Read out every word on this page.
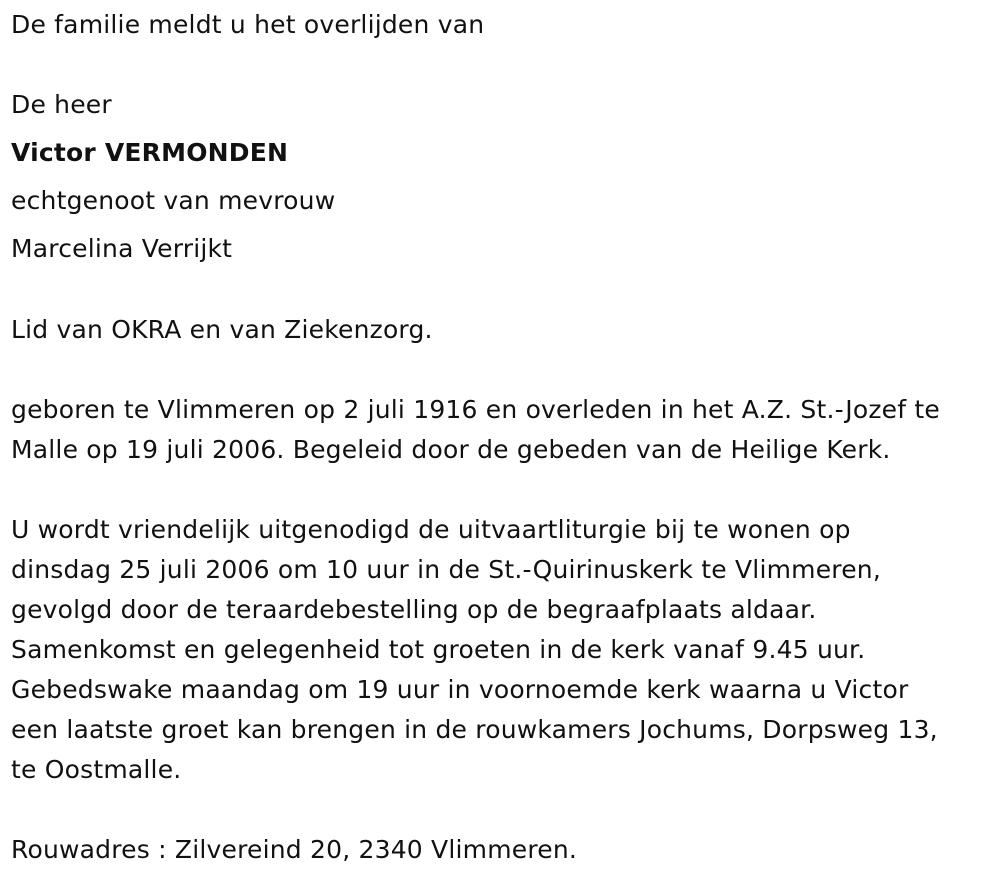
De familie meldt u het overlijden van
De heer
Victor VERMONDEN
echtgenoot van mevrouw
Marcelina Verrijkt
Lid van OKRA en van Ziekenzorg.
geboren te Vlimmeren op 2 juli 1916 en overleden in het A.Z. St.-Jozef te
Malle op 19 juli 2006. Begeleid door de gebeden van de Heilige Kerk.
U wordt vriendelijk uitgenodigd de uitvaartliturgie bij te wonen op
dinsdag 25 juli 2006 om 10 uur in de St.-Quirinuskerk te Vlimmeren,
gevolgd door de teraardebestelling op de begraafplaats aldaar.
Samenkomst en gelegenheid tot groeten in de kerk vanaf 9.45 uur.
Gebedswake maandag om 19 uur in voornoemde kerk waarna u Victor
een laatste groet kan brengen in de rouwkamers Jochums, Dorpsweg 13,
te Oostmalle.
Rouwadres : Zilvereind 20, 2340 Vlimmeren.
